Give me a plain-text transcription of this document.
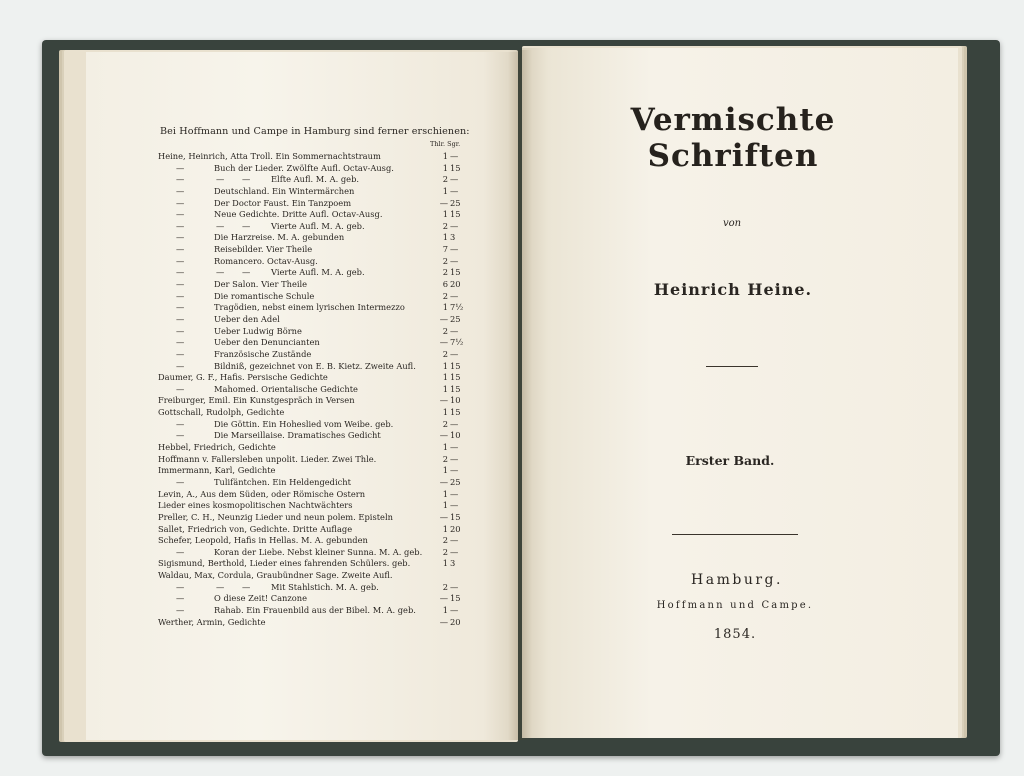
Bei Hoffmann und Campe in Hamburg sind ferner erschienen:
Thlr. Sgr.
Heine, Heinrich, Atta Troll. Ein Sommernachtstraum	1 —
—	Buch der Lieder. Zwölfte Aufl. Octav-Ausg.	1 15
—	— — Elfte Aufl. M. A. geb.	2 —
—	Deutschland. Ein Wintermärchen	1 —
—	Der Doctor Faust. Ein Tanzpoem	— 25
—	Neue Gedichte. Dritte Aufl. Octav-Ausg.	1 15
—	— — Vierte Aufl. M. A. geb.	2 —
—	Die Harzreise. M. A. gebunden	1 3
—	Reisebilder. Vier Theile	7 —
—	Romancero. Octav-Ausg.	2 —
—	— — Vierte Aufl. M. A. geb.	2 15
—	Der Salon. Vier Theile	6 20
—	Die romantische Schule	2 —
—	Tragödien, nebst einem lyrischen Intermezzo	1 7½
—	Ueber den Adel	— 25
—	Ueber Ludwig Börne	2 —
—	Ueber den Denuncianten	— 7½
—	Französische Zustände	2 —
—	Bildniß, gezeichnet von E. B. Kietz. Zweite Aufl.	1 15
Daumer, G. F., Hafis. Persische Gedichte	1 15
—	Mahomed. Orientalische Gedichte	1 15
Freiburger, Emil. Ein Kunstgespräch in Versen	— 10
Gottschall, Rudolph, Gedichte	1 15
—	Die Göttin. Ein Hoheslied vom Weibe. geb.	2 —
—	Die Marseillaise. Dramatisches Gedicht	— 10
Hebbel, Friedrich, Gedichte	1 —
Hoffmann v. Fallersleben unpolit. Lieder. Zwei Thle.	2 —
Immermann, Karl, Gedichte	1 —
—	Tulifäntchen. Ein Heldengedicht	— 25
Levin, A., Aus dem Süden, oder Römische Ostern	1 —
Lieder eines kosmopolitischen Nachtwächters	1 —
Preller, C. H., Neunzig Lieder und neun polem. Episteln	— 15
Sallet, Friedrich von, Gedichte. Dritte Auflage	1 20
Schefer, Leopold, Hafis in Hellas. M. A. gebunden	2 —
—	Koran der Liebe. Nebst kleiner Sunna. M. A. geb.	2 —
Sigismund, Berthold, Lieder eines fahrenden Schülers. geb.	1 3
Waldau, Max, Cordula, Graubündner Sage. Zweite Aufl.
—	— — Mit Stahlstich. M. A. geb.	2 —
—	O diese Zeit! Canzone	— 15
—	Rahab. Ein Frauenbild aus der Bibel. M. A. geb.	1 —
Werther, Armin, Gedichte	— 20
Vermischte Schriften
von
Heinrich Heine.
Erster Band.
Hamburg.
Hoffmann und Campe.
1854.
